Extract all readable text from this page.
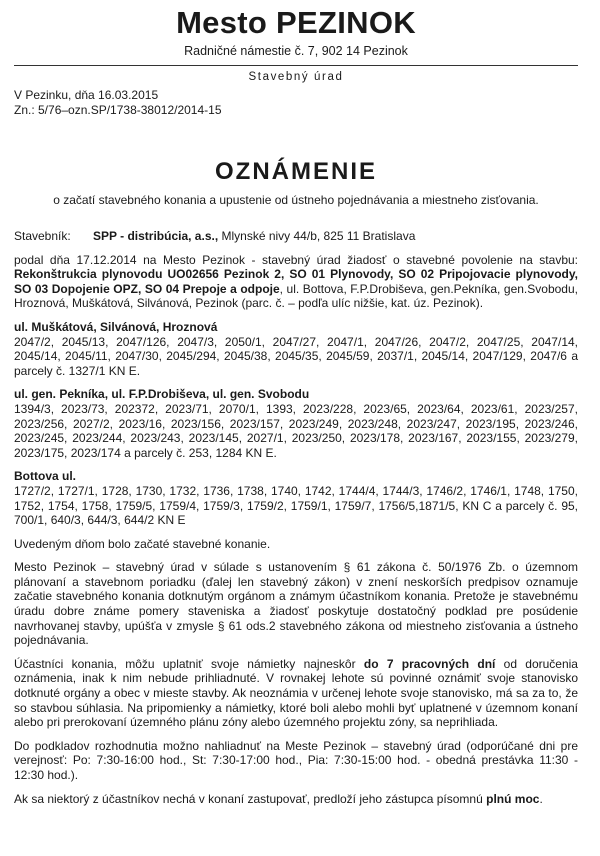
Mesto PEZINOK
Radničné námestie č. 7, 902 14 Pezinok
Stavebný úrad
V Pezinku, dňa 16.03.2015
Zn.: 5/76–ozn.SP/1738-38012/2014-15
OZNÁMENIE
o začatí stavebného konania a upustenie od ústneho pojednávania a miestneho zisťovania.
Stavebník:	SPP - distribúcia, a.s., Mlynské nivy 44/b, 825 11 Bratislava

podal dňa 17.12.2014 na Mesto Pezinok - stavebný úrad žiadosť o stavebné povolenie na stavbu: Rekonštrukcia plynovodu UO02656 Pezinok 2, SO 01 Plynovody, SO 02 Pripojovacie plynovody, SO 03 Dopojenie OPZ, SO 04 Prepoje a odpoje, ul. Bottova, F.P.Drobiševa, gen.Pekníka, gen.Svobodu, Hroznová, Muškátová, Silvánová, Pezinok (parc. č. – podľa ulíc nižšie, kat. úz. Pezinok).

ul. Muškátová, Silvánová, Hroznová

2047/2, 2045/13, 2047/126, 2047/3, 2050/1, 2047/27, 2047/1, 2047/26, 2047/2, 2047/25, 2047/14, 2045/14, 2045/11, 2047/30, 2045/294, 2045/38, 2045/35, 2045/59, 2037/1, 2045/14, 2047/129, 2047/6 a parcely č. 1327/1 KN E.

ul. gen. Pekníka, ul. F.P.Drobiševa, ul. gen. Svobodu

1394/3, 2023/73, 202372, 2023/71, 2070/1, 1393, 2023/228, 2023/65, 2023/64, 2023/61, 2023/257, 2023/256, 2027/2, 2023/16, 2023/156, 2023/157, 2023/249, 2023/248, 2023/247, 2023/195, 2023/246, 2023/245, 2023/244, 2023/243, 2023/145, 2027/1, 2023/250, 2023/178, 2023/167, 2023/155, 2023/279, 2023/175, 2023/174 a parcely č. 253, 1284 KN E.

Bottova ul.

1727/2, 1727/1, 1728, 1730, 1732, 1736, 1738, 1740, 1742, 1744/4, 1744/3, 1746/2, 1746/1, 1748, 1750, 1752, 1754, 1758, 1759/5, 1759/4, 1759/3, 1759/2, 1759/1, 1759/7, 1756/5,1871/5, KN C a parcely č. 95, 700/1, 640/3, 644/3, 644/2 KN E

Uvedeným dňom bolo začaté stavebné konanie.

Mesto Pezinok – stavebný úrad v súlade s ustanovením § 61 zákona č. 50/1976 Zb. o územnom plánovaní a stavebnom poriadku (ďalej len stavebný zákon) v znení neskorších predpisov oznamuje začatie stavebného konania dotknutým orgánom a známym účastníkom konania. Pretože je stavebnému úradu dobre známe pomery staveniska a žiadosť poskytuje dostatočný podklad pre posúdenie navrhovanej stavby, upúšťa v zmysle § 61 ods.2 stavebného zákona od miestneho zisťovania a ústneho pojednávania.

Účastníci konania, môžu uplatniť svoje námietky najneskôr do 7 pracovných dní od doručenia oznámenia, inak k nim nebude prihliadnuté. V rovnakej lehote sú povinné oznámiť svoje stanovisko dotknuté orgány a obec v mieste stavby. Ak neoznámia v určenej lehote svoje stanovisko, má sa za to, že so stavbou súhlasia. Na pripomienky a námietky, ktoré boli alebo mohli byť uplatnené v územnom konaní alebo pri prerokovaní územného plánu zóny alebo územného projektu zóny, sa neprihliada.

Do podkladov rozhodnutia možno nahliadnuť na Meste Pezinok – stavebný úrad (odporúčané dni pre verejnosť: Po: 7:30-16:00 hod., St: 7:30-17:00 hod., Pia: 7:30-15:00 hod. - obedná prestávka 11:30 - 12:30 hod.).

Ak sa niektorý z účastníkov nechá v konaní zastupovať, predloží jeho zástupca písomnú plnú moc.
